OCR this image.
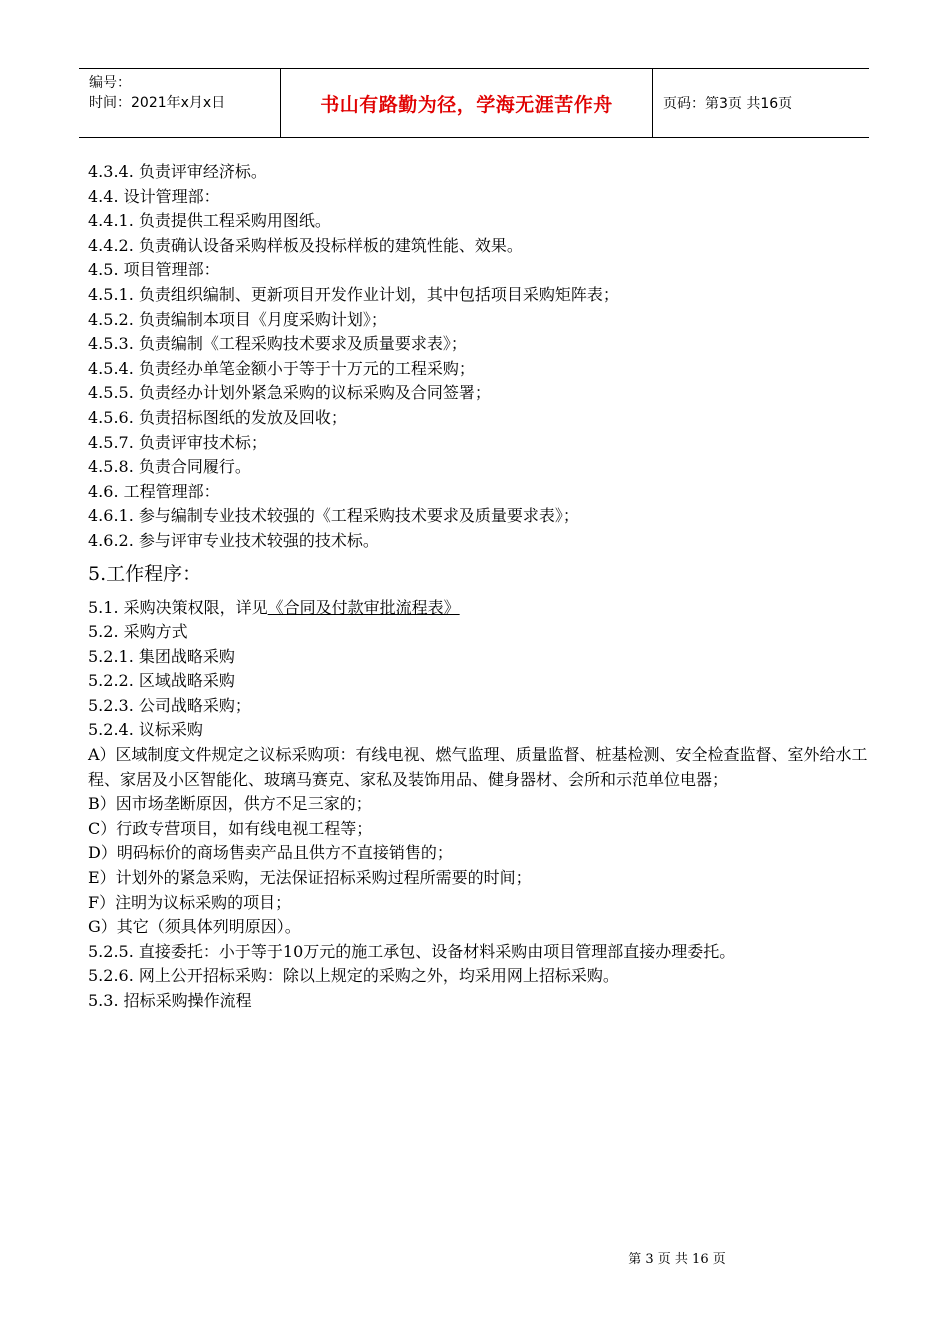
编号：
时间：2021年x月x日	书山有路勤为径，学海无涯苦作舟	页码：第3页 共16页
4.3.4. 负责评审经济标。
4.4. 设计管理部：
4.4.1. 负责提供工程采购用图纸。
4.4.2. 负责确认设备采购样板及投标样板的建筑性能、效果。
4.5. 项目管理部：
4.5.1. 负责组织编制、更新项目开发作业计划，其中包括项目采购矩阵表；
4.5.2. 负责编制本项目《月度采购计划》；
4.5.3. 负责编制《工程采购技术要求及质量要求表》；
4.5.4. 负责经办单笔金额小于等于十万元的工程采购；
4.5.5. 负责经办计划外紧急采购的议标采购及合同签署；
4.5.6. 负责招标图纸的发放及回收；
4.5.7. 负责评审技术标；
4.5.8. 负责合同履行。
4.6. 工程管理部：
4.6.1. 参与编制专业技术较强的《工程采购技术要求及质量要求表》；
4.6.2. 参与评审专业技术较强的技术标。
5.工作程序：
5.1. 采购决策权限，详见《合同及付款审批流程表》
5.2. 采购方式
5.2.1. 集团战略采购
5.2.2. 区域战略采购
5.2.3. 公司战略采购；
5.2.4. 议标采购
A）区域制度文件规定之议标采购项：有线电视、燃气监理、质量监督、桩基检测、安全检查监督、室外给水工程、家居及小区智能化、玻璃马赛克、家私及装饰用品、健身器材、会所和示范单位电器；
B）因市场垄断原因，供方不足三家的；
C）行政专营项目，如有线电视工程等；
D）明码标价的商场售卖产品且供方不直接销售的；
E）计划外的紧急采购，无法保证招标采购过程所需要的时间；
F）注明为议标采购的项目；
G）其它（须具体列明原因）。
5.2.5. 直接委托：小于等于10万元的施工承包、设备材料采购由项目管理部直接办理委托。
5.2.6. 网上公开招标采购：除以上规定的采购之外，均采用网上招标采购。
5.3. 招标采购操作流程
第 3 页 共 16 页
